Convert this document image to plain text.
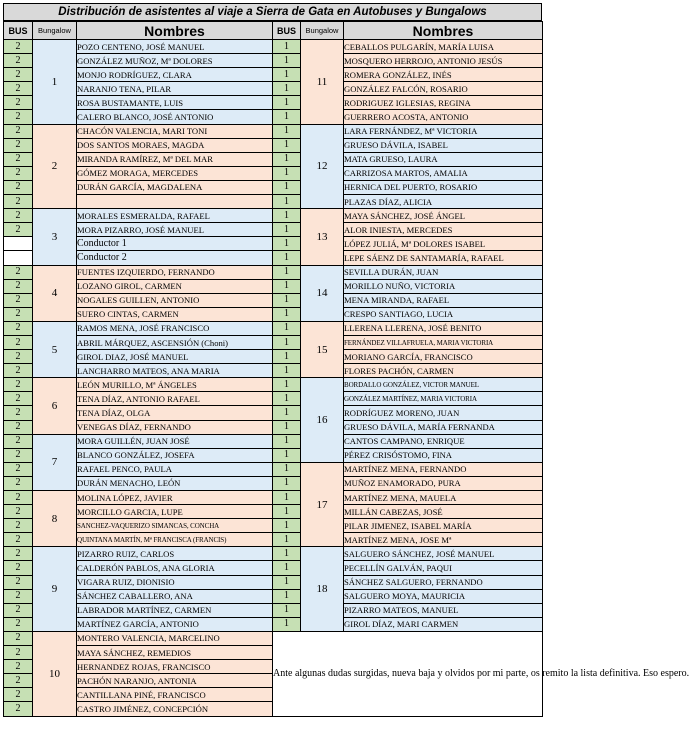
Distribución de asistentes al viaje a Sierra de Gata en Autobuses y Bungalows
BUS	Bungalow	Nombres	BUS	Bungalow	Nombres
2	1	POZO CENTENO, JOSÉ MANUEL	1	11	CEBALLOS PULGARÍN, MARÍA LUISA
2		GONZÁLEZ MUÑOZ, Mª DOLORES	1		MOSQUERO HERROJO, ANTONIO JESÚS
2		MONJO RODRÍGUEZ, CLARA	1		ROMERA GONZÁLEZ, INÉS
2		NARANJO TENA, PILAR	1		GONZÁLEZ FALCÓN, ROSARIO
2		ROSA BUSTAMANTE, LUIS	1		RODRIGUEZ IGLESIAS, REGINA
2		CALERO BLANCO, JOSÉ ANTONIO	1		GUERRERO ACOSTA, ANTONIO
2	2	CHACÓN VALENCIA, MARI TONI	1	12	LARA FERNÁNDEZ, Mª VICTORIA
2		DOS SANTOS MORAES, MAGDA	1		GRUESO DÁVILA, ISABEL
2		MIRANDA RAMÍREZ, Mª DEL MAR	1		MATA GRUESO, LAURA
2		GÓMEZ MORAGA, MERCEDES	1		CARRIZOSA MARTOS, AMALIA
2		DURÁN GARCÍA, MAGDALENA	1		HERNICA DEL PUERTO, ROSARIO
2			1		PLAZAS DÍAZ, ALICIA
2	3	MORALES ESMERALDA, RAFAEL	1	13	MAYA SÁNCHEZ, JOSÉ ÁNGEL
2		MORA PIZARRO, JOSÉ MANUEL	1		ALOR INIESTA, MERCEDES
		Conductor 1	1		LÓPEZ JULIÁ, Mª DOLORES ISABEL
		Conductor 2	1		LEPE SÁENZ DE SANTAMARÍA, RAFAEL
2	4	FUENTES IZQUIERDO, FERNANDO	1	14	SEVILLA DURÁN, JUAN
2		LOZANO GIROL, CARMEN	1		MORILLO NUÑO, VICTORIA
2		NOGALES GUILLEN, ANTONIO	1		MENA MIRANDA, RAFAEL
2		SUERO CINTAS, CARMEN	1		CRESPO SANTIAGO, LUCIA
2	5	RAMOS MENA, JOSÉ FRANCISCO	1	15	LLERENA LLERENA, JOSÉ BENITO
2		ABRIL MÁRQUEZ, ASCENSIÓN (Choni)	1		FERNÁNDEZ VILLAFRUELA, MARIA VICTORIA
2		GIROL DIAZ, JOSÉ MANUEL	1		MORIANO GARCÍA, FRANCISCO
2		LANCHARRO MATEOS, ANA MARIA	1		FLORES PACHÓN, CARMEN
2	6	LEÓN MURILLO, Mª ÁNGELES	1	16	BORDALLO GONZÁLEZ, VICTOR MANUEL
2		TENA DÍAZ, ANTONIO RAFAEL	1		GONZÁLEZ MARTÍNEZ, MARIA VICTORIA
2		TENA DÍAZ, OLGA	1		RODRÍGUEZ MORENO, JUAN
2		VENEGAS DÍAZ, FERNANDO	1		GRUESO DÁVILA, MARÍA FERNANDA
2	7	MORA GUILLÉN, JUAN JOSÉ	1		CANTOS CAMPANO, ENRIQUE
2		BLANCO GONZÁLEZ, JOSEFA	1		PÉREZ CRISÓSTOMO, FINA
2		RAFAEL PENCO, PAULA	1	17	MARTÍNEZ MENA, FERNANDO
2		DURÁN MENACHO, LEÓN	1		MUÑOZ ENAMORADO, PURA
2	8	MOLINA LÓPEZ, JAVIER	1		MARTÍNEZ MENA, MAUELA
2		MORCILLO GARCIA, LUPE	1		MILLÁN CABEZAS, JOSÉ
2		SANCHEZ-VAQUERIZO SIMANCAS, CONCHA	1		PILAR JIMENEZ, ISABEL MARÍA
2		QUINTANA MARTÍN, Mª FRANCISCA (FRANCIS)	1		MARTÍNEZ MENA, JOSE Mª
2	9	PIZARRO RUIZ, CARLOS	1	18	SALGUERO SÁNCHEZ, JOSÉ MANUEL
2		CALDERÓN PABLOS, ANA GLORIA	1		PECELLÍN GALVÁN, PAQUI
2		VIGARA RUIZ, DIONISIO	1		SÁNCHEZ SALGUERO, FERNANDO
2		SÁNCHEZ CABALLERO, ANA	1		SALGUERO MOYA, MAURICIA
2		LABRADOR MARTÍNEZ, CARMEN	1		PIZARRO MATEOS, MANUEL
2		MARTÍNEZ GARCÍA, ANTONIO	1		GIROL DÍAZ, MARI CARMEN
2	10	MONTERO VALENCIA, MARCELINO	Ante algunas dudas surgidas, nueva baja y olvidos por mi parte, os remito la lista definitiva. Eso espero.		
2		MAYA SÁNCHEZ, REMEDIOS			
2		HERNANDEZ ROJAS, FRANCISCO			
2		PACHÓN NARANJO, ANTONIA			
2		CANTILLANA PINÉ, FRANCISCO			
2		CASTRO JIMÉNEZ, CONCEPCIÓN			
